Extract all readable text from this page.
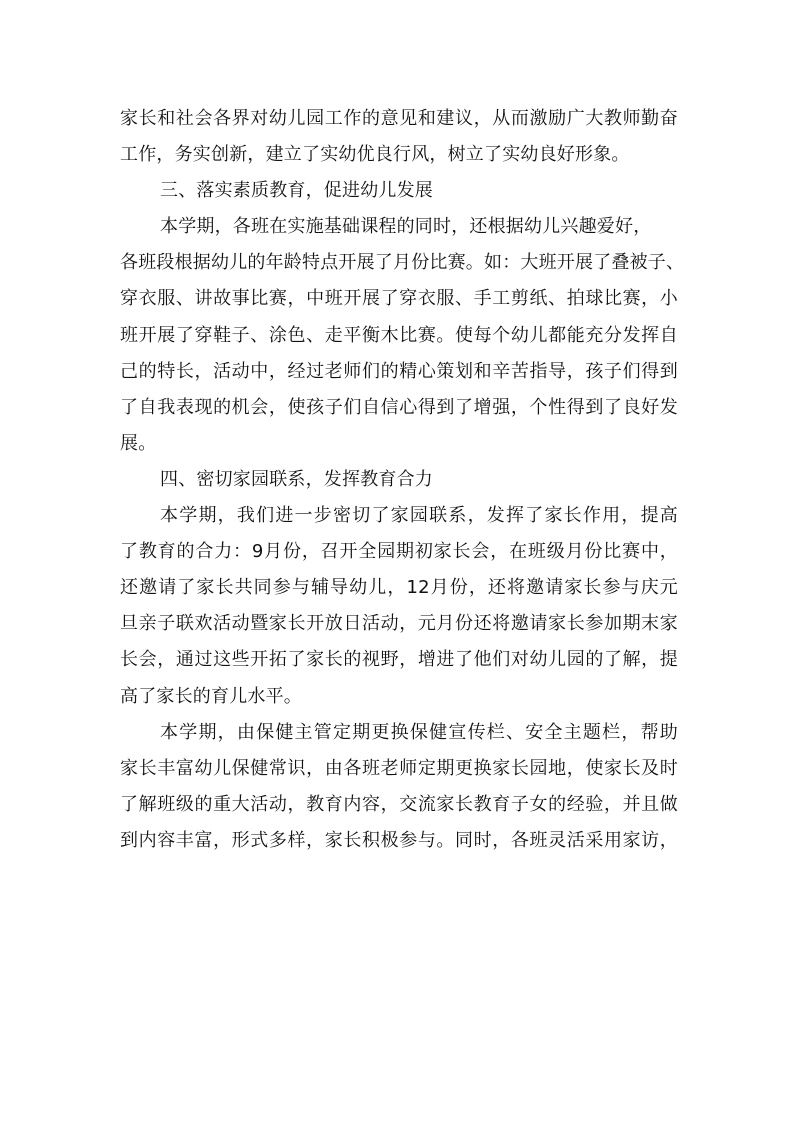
家长和社会各界对幼儿园工作的意见和建议，从而激励广大教师勤奋
工作，务实创新，建立了实幼优良行风，树立了实幼良好形象。
三、落实素质教育，促进幼儿发展
本学期，各班在实施基础课程的同时，还根据幼儿兴趣爱好，
各班段根据幼儿的年龄特点开展了月份比赛。如：大班开展了叠被子、
穿衣服、讲故事比赛，中班开展了穿衣服、手工剪纸、拍球比赛，小
班开展了穿鞋子、涂色、走平衡木比赛。使每个幼儿都能充分发挥自
己的特长，活动中，经过老师们的精心策划和辛苦指导，孩子们得到
了自我表现的机会，使孩子们自信心得到了增强，个性得到了良好发
展。
四、密切家园联系，发挥教育合力
本学期，我们进一步密切了家园联系，发挥了家长作用，提高
了教育的合力：9月份，召开全园期初家长会，在班级月份比赛中，
还邀请了家长共同参与辅导幼儿，12月份，还将邀请家长参与庆元
旦亲子联欢活动暨家长开放日活动，元月份还将邀请家长参加期末家
长会，通过这些开拓了家长的视野，增进了他们对幼儿园的了解，提
高了家长的育儿水平。
本学期，由保健主管定期更换保健宣传栏、安全主题栏，帮助
家长丰富幼儿保健常识，由各班老师定期更换家长园地，使家长及时
了解班级的重大活动，教育内容，交流家长教育子女的经验，并且做
到内容丰富，形式多样，家长积极参与。同时，各班灵活采用家访，
